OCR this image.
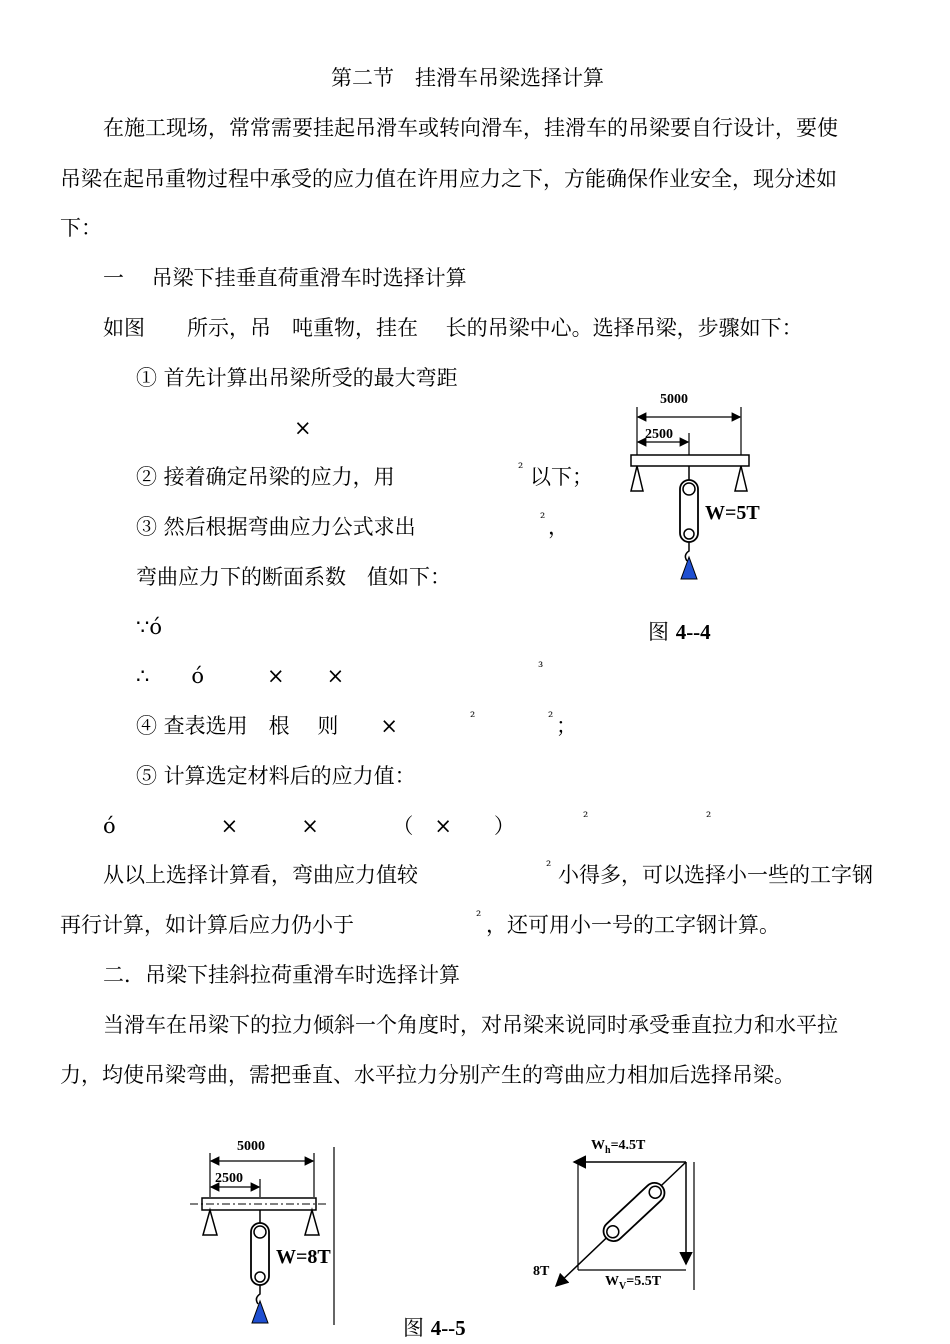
第二节　挂滑车吊梁选择计算
在施工现场，常常需要挂起吊滑车或转向滑车，挂滑车的吊梁要自行设计，要使
吊梁在起吊重物过程中承受的应力值在许用应力之下，方能确保作业安全，现分述如
下：
一　 吊梁下挂垂直荷重滑车时选择计算
如图　　所示，吊　吨重物，挂在　 长的吊梁中心。选择吊梁，步骤如下：
① 首先计算出吊梁所受的最大弯距
×
② 接着确定吊梁的应力，用	² 以下；
③ 然后根据弯曲应力公式求出	² ，
弯曲应力下的断面系数　值如下：
∵ó
∴　　ó　　　×　　×	³
④ 查表选用　根　 则　　×	²	² ；
⑤ 计算选定材料后的应力值：
ó　　　　　×　　　×　　　　（　×　　）	²	²
从以上选择计算看，弯曲应力值较	² 小得多，可以选择小一些的工字钢
再行计算，如计算后应力仍小于	² ，还可用小一号的工字钢计算。
二．吊梁下挂斜拉荷重滑车时选择计算
当滑车在吊梁下的拉力倾斜一个角度时，对吊梁来说同时承受垂直拉力和水平拉
力，均使吊梁弯曲，需把垂直、水平拉力分别产生的弯曲应力相加后选择吊梁。
5000
2500
W=5T
图 4--4
5000
2500
W=8T
$W_h=4.5T$
8T
$W_V=5.5T$
图 4--5
